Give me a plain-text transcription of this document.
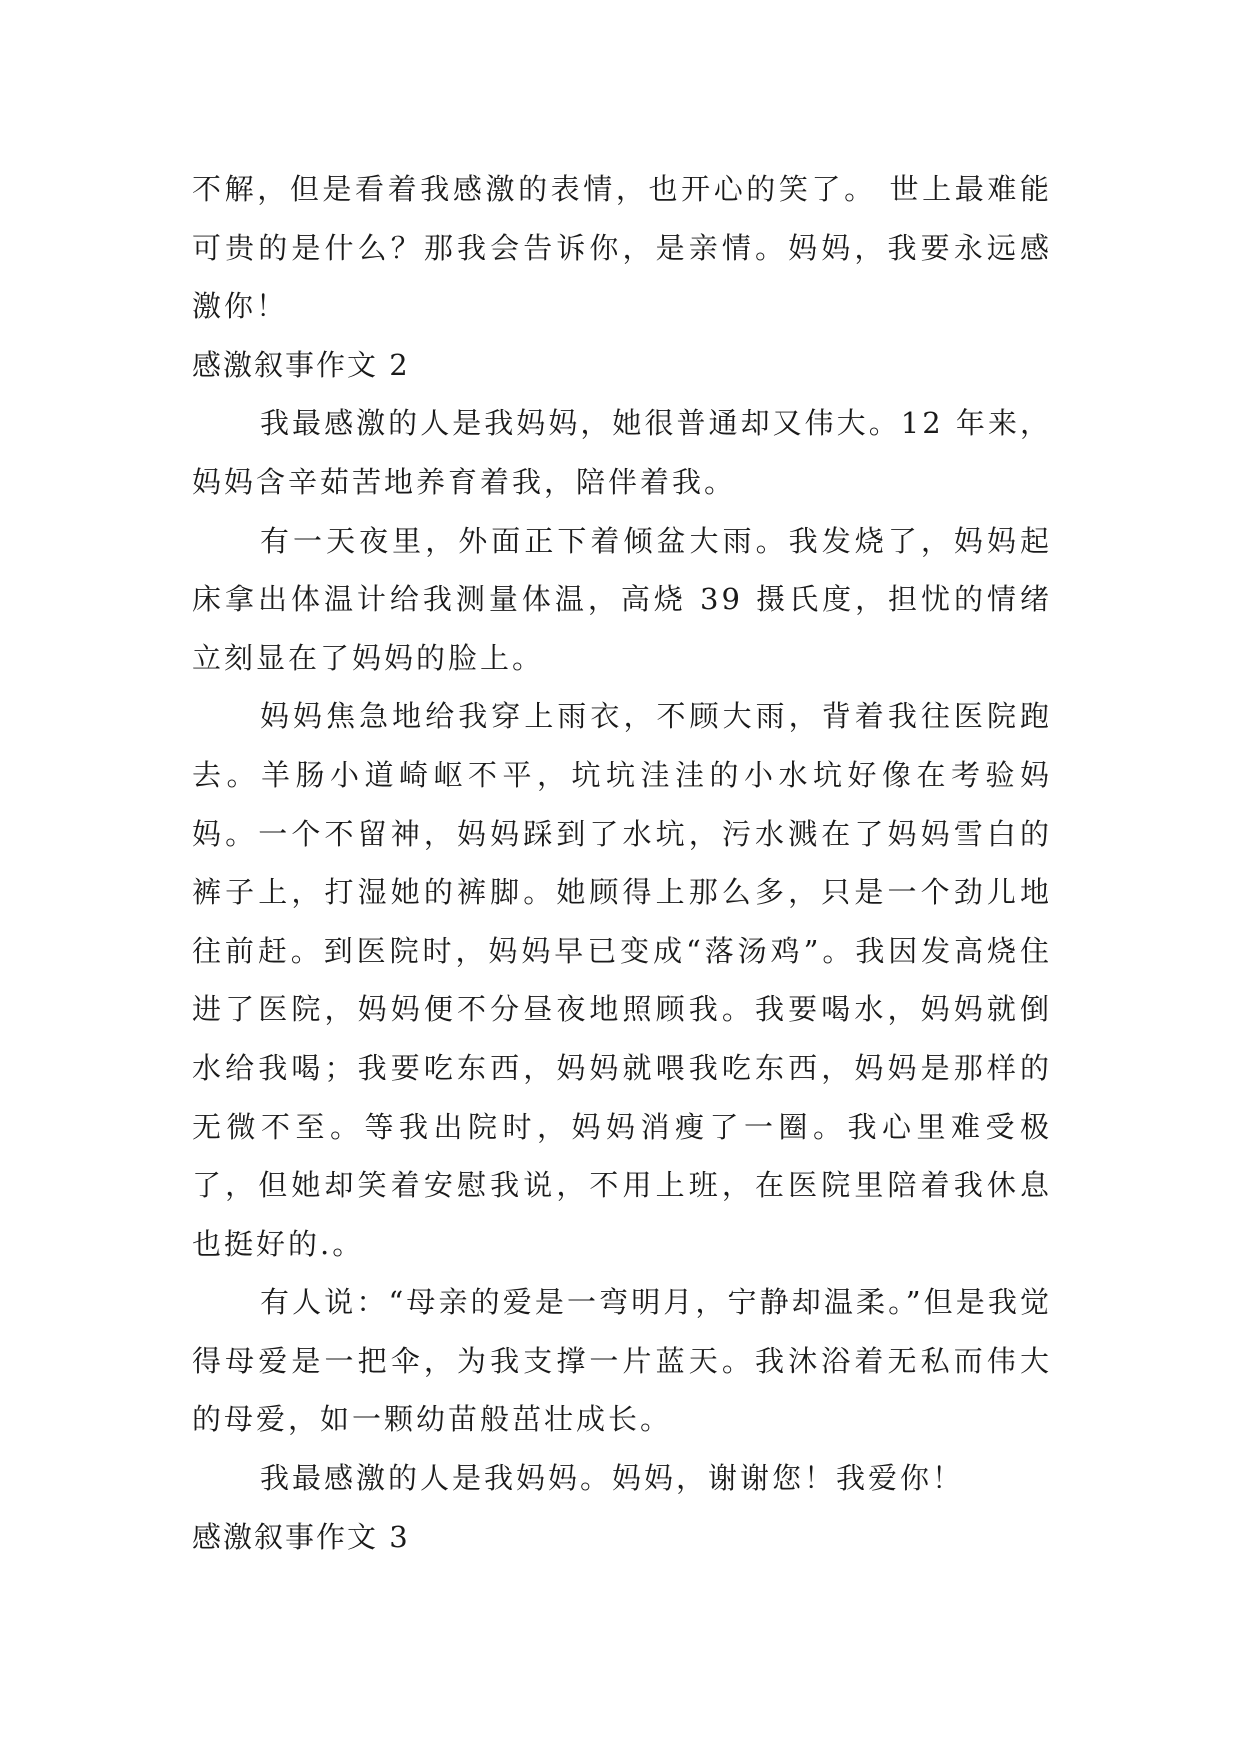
不解，但是看着我感激的表情，也开心的笑了。 世上最难能可贵的是什么？那我会告诉你，是亲情。妈妈，我要永远感激你！

感激叙事作文 2

我最感激的人是我妈妈，她很普通却又伟大。12 年来，妈妈含辛茹苦地养育着我，陪伴着我。

有一天夜里，外面正下着倾盆大雨。我发烧了，妈妈起床拿出体温计给我测量体温，高烧 39 摄氏度，担忧的情绪立刻显在了妈妈的脸上。

妈妈焦急地给我穿上雨衣，不顾大雨，背着我往医院跑去。羊肠小道崎岖不平，坑坑洼洼的小水坑好像在考验妈妈。一个不留神，妈妈踩到了水坑，污水溅在了妈妈雪白的裤子上，打湿她的裤脚。她顾得上那么多，只是一个劲儿地往前赶。到医院时，妈妈早已变成“落汤鸡”。我因发高烧住进了医院，妈妈便不分昼夜地照顾我。我要喝水，妈妈就倒水给我喝；我要吃东西，妈妈就喂我吃东西，妈妈是那样的无微不至。等我出院时，妈妈消瘦了一圈。我心里难受极了，但她却笑着安慰我说，不用上班，在医院里陪着我休息也挺好的.。

有人说：“母亲的爱是一弯明月，宁静却温柔。”但是我觉得母爱是一把伞，为我支撑一片蓝天。我沐浴着无私而伟大的母爱，如一颗幼苗般茁壮成长。

我最感激的人是我妈妈。妈妈，谢谢您！我爱你！

感激叙事作文 3
